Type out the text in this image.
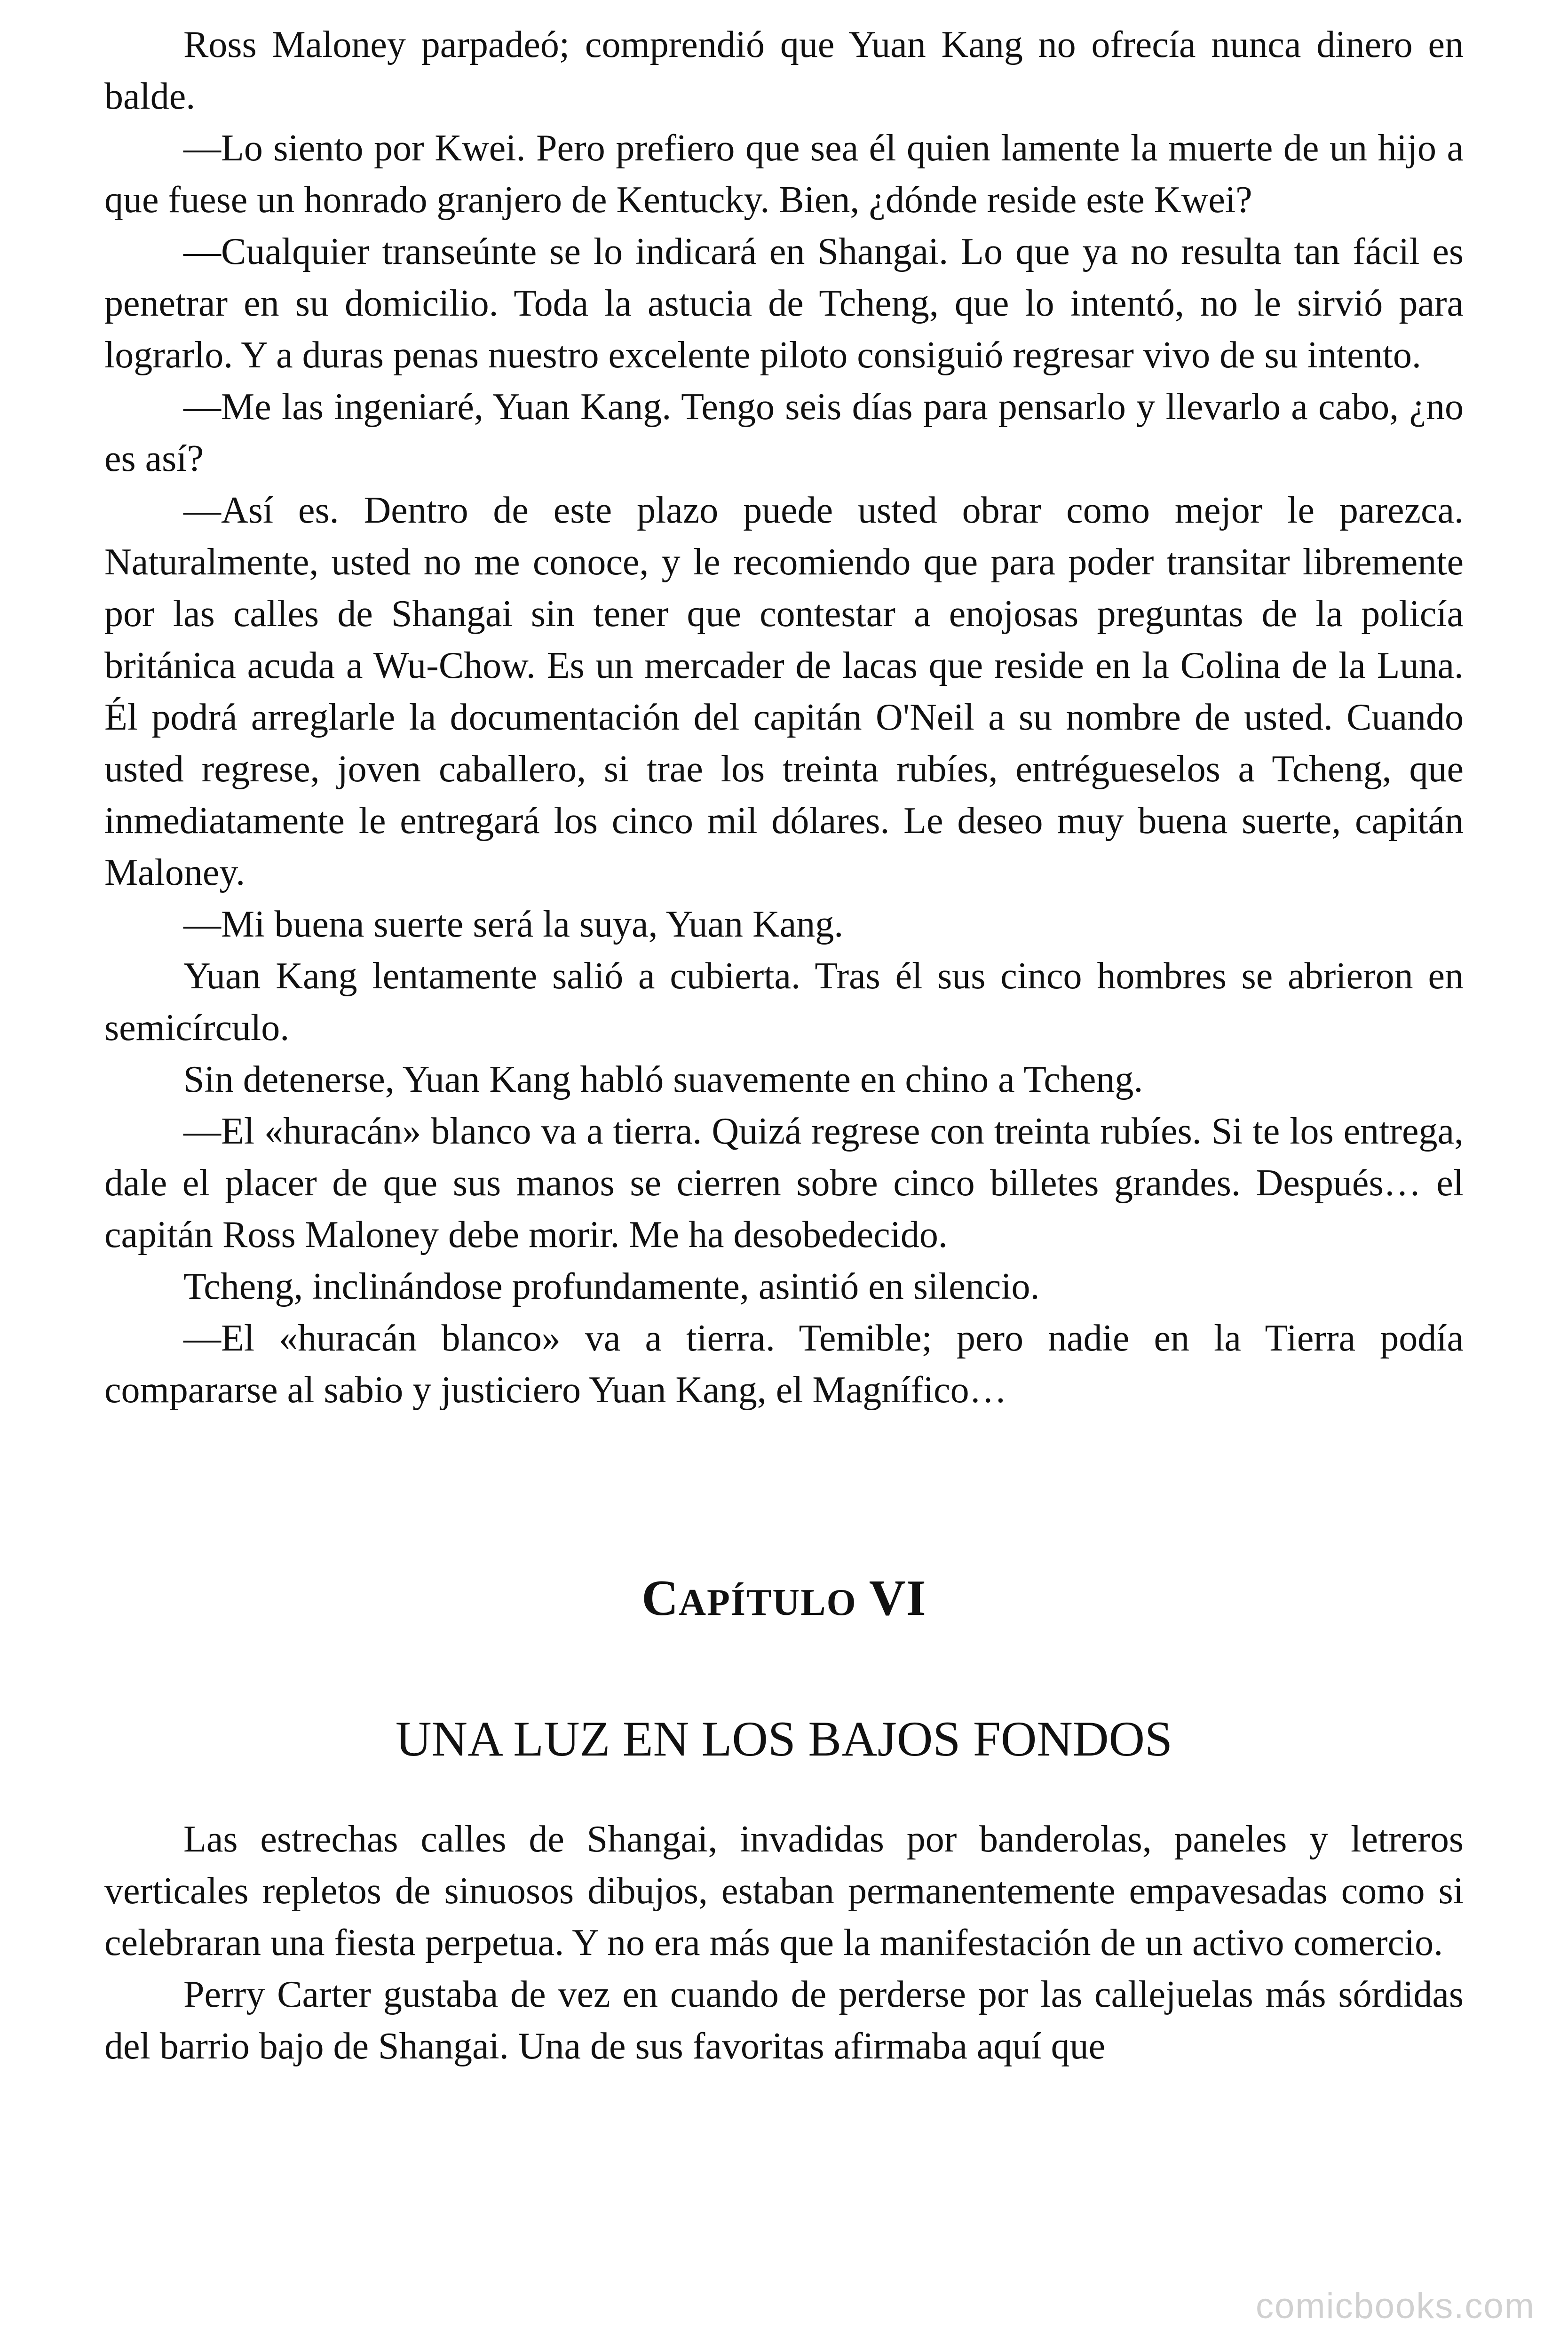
Ross Maloney parpadeó; comprendió que Yuan Kang no ofrecía nunca dinero en balde.

—Lo siento por Kwei. Pero prefiero que sea él quien lamente la muerte de un hijo a que fuese un honrado granjero de Kentucky. Bien, ¿dónde reside este Kwei?

—Cualquier transeúnte se lo indicará en Shangai. Lo que ya no resulta tan fácil es penetrar en su domicilio. Toda la astucia de Tcheng, que lo intentó, no le sirvió para lograrlo. Y a duras penas nuestro excelente piloto consiguió regresar vivo de su intento.

—Me las ingeniaré, Yuan Kang. Tengo seis días para pensarlo y llevarlo a cabo, ¿no es así?

—Así es. Dentro de este plazo puede usted obrar como mejor le parezca. Naturalmente, usted no me conoce, y le recomiendo que para poder transitar libremente por las calles de Shangai sin tener que contestar a enojosas preguntas de la policía británica acuda a Wu-Chow. Es un mercader de lacas que reside en la Colina de la Luna. Él podrá arreglarle la documentación del capitán O'Neil a su nombre de usted. Cuando usted regrese, joven caballero, si trae los treinta rubíes, entrégueselos a Tcheng, que inmediatamente le entregará los cinco mil dólares. Le deseo muy buena suerte, capitán Maloney.

—Mi buena suerte será la suya, Yuan Kang.

Yuan Kang lentamente salió a cubierta. Tras él sus cinco hombres se abrieron en semicírculo.

Sin detenerse, Yuan Kang habló suavemente en chino a Tcheng.

—El «huracán» blanco va a tierra. Quizá regrese con treinta rubíes. Si te los entrega, dale el placer de que sus manos se cierren sobre cinco billetes grandes. Después… el capitán Ross Maloney debe morir. Me ha desobedecido.

Tcheng, inclinándose profundamente, asintió en silencio.

—El «huracán blanco» va a tierra. Temible; pero nadie en la Tierra podía compararse al sabio y justiciero Yuan Kang, el Magnífico…

CAPÍTULO VI
UNA LUZ EN LOS BAJOS FONDOS

Las estrechas calles de Shangai, invadidas por banderolas, paneles y letreros verticales repletos de sinuosos dibujos, estaban permanentemente empavesadas como si celebraran una fiesta perpetua. Y no era más que la manifestación de un activo comercio.

Perry Carter gustaba de vez en cuando de perderse por las callejuelas más sórdidas del barrio bajo de Shangai. Una de sus favoritas afirmaba aquí que

comicbooks.com
